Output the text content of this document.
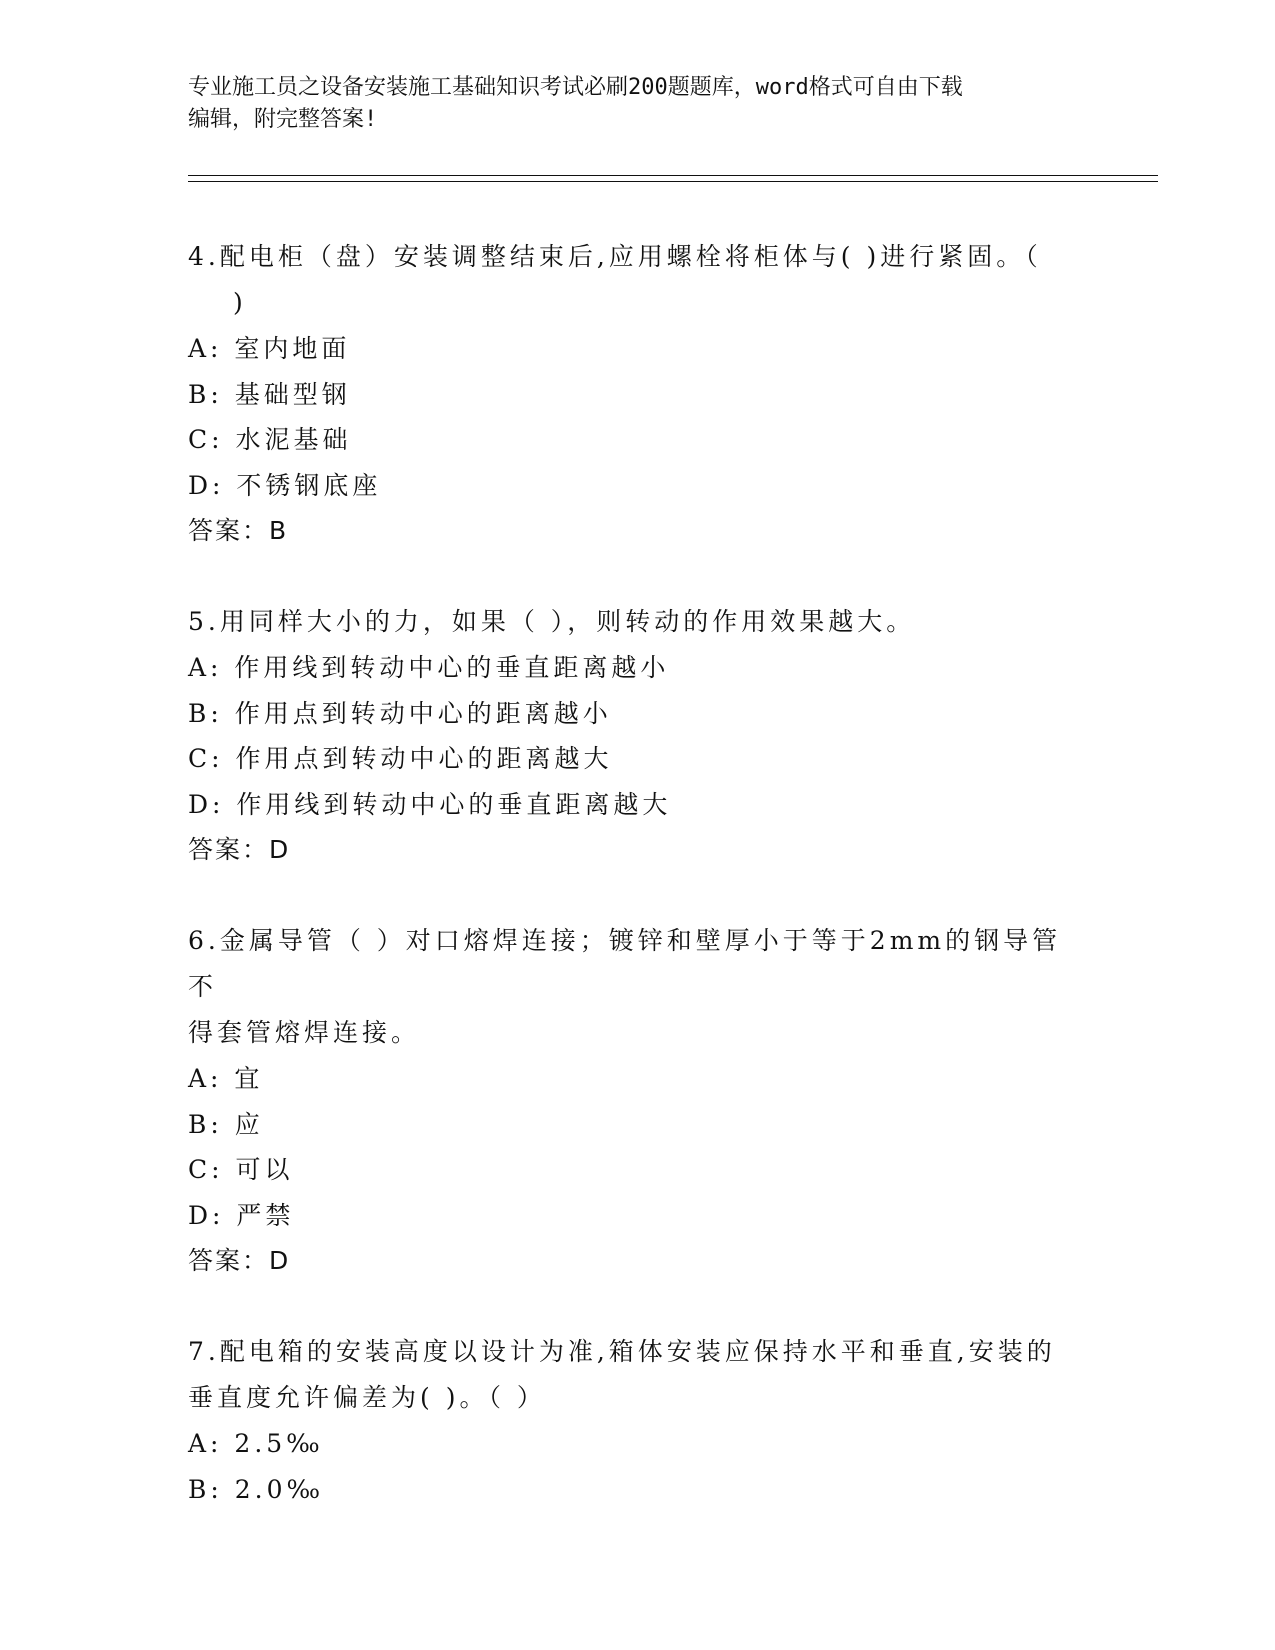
专业施工员之设备安装施工基础知识考试必刷200题题库，word格式可自由下载
编辑，附完整答案!
4.配电柜（盘）安装调整结束后,应用螺栓将柜体与( )进行紧固。（
)
A: 室内地面
B: 基础型钢
C: 水泥基础
D: 不锈钢底座
答案：B
5.用同样大小的力，如果（ ），则转动的作用效果越大。
A: 作用线到转动中心的垂直距离越小
B: 作用点到转动中心的距离越小
C: 作用点到转动中心的距离越大
D: 作用线到转动中心的垂直距离越大
答案：D
6.金属导管（ ）对口熔焊连接；镀锌和壁厚小于等于2mm的钢导管不
得套管熔焊连接。
A: 宜
B: 应
C: 可以
D: 严禁
答案：D
7.配电箱的安装高度以设计为准,箱体安装应保持水平和垂直,安装的
垂直度允许偏差为( )。（ ）
A: 2.5‰
B: 2.0‰
